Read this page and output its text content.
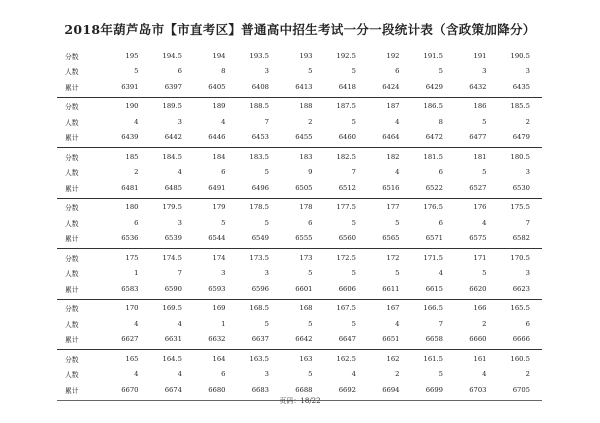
2018年葫芦岛市【市直考区】普通高中招生考试一分一段统计表（含政策加降分）
分数	195	194.5	194	193.5	193	192.5	192	191.5	191	190.5
人数	5	6	8	3	5	5	6	5	3	3
累计	6391	6397	6405	6408	6413	6418	6424	6429	6432	6435
分数	190	189.5	189	188.5	188	187.5	187	186.5	186	185.5
人数	4	3	4	7	2	5	4	8	5	2
累计	6439	6442	6446	6453	6455	6460	6464	6472	6477	6479
分数	185	184.5	184	183.5	183	182.5	182	181.5	181	180.5
人数	2	4	6	5	9	7	4	6	5	3
累计	6481	6485	6491	6496	6505	6512	6516	6522	6527	6530
分数	180	179.5	179	178.5	178	177.5	177	176.5	176	175.5
人数	6	3	5	5	6	5	5	6	4	7
累计	6536	6539	6544	6549	6555	6560	6565	6571	6575	6582
分数	175	174.5	174	173.5	173	172.5	172	171.5	171	170.5
人数	1	7	3	3	5	5	5	4	5	3
累计	6583	6590	6593	6596	6601	6606	6611	6615	6620	6623
分数	170	169.5	169	168.5	168	167.5	167	166.5	166	165.5
人数	4	4	1	5	5	5	4	7	2	6
累计	6627	6631	6632	6637	6642	6647	6651	6658	6660	6666
分数	165	164.5	164	163.5	163	162.5	162	161.5	161	160.5
人数	4	4	6	3	5	4	2	5	4	2
累计	6670	6674	6680	6683	6688	6692	6694	6699	6703	6705
页码：18/22
